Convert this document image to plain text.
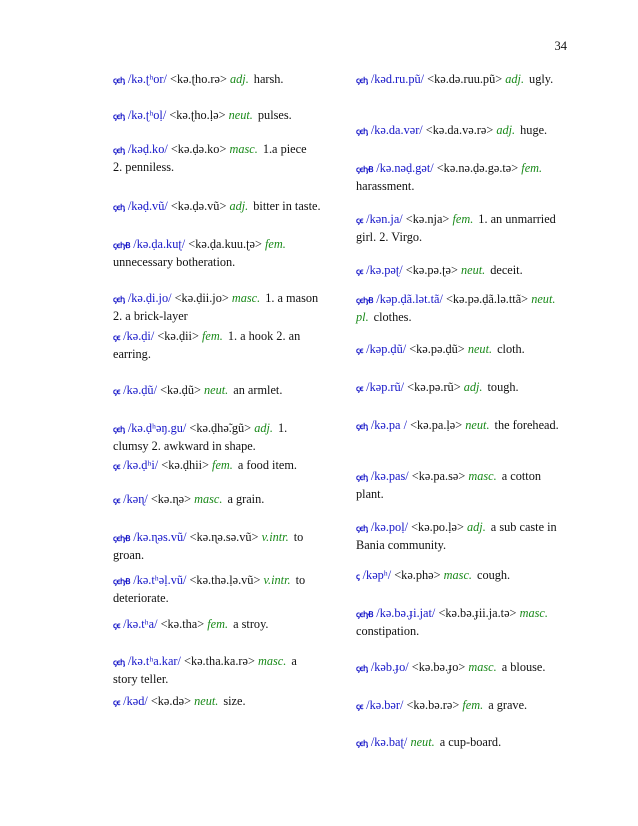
34
ꞔꞓꞕ /kə.ʈʰor/ <kə.ʈho.rə> adj. harsh.
ꞔꞓꞕ /kə.ʈʰoḷ/ <kə.ʈho.ḷə> neut. pulses.
ꞔꞓꞕ /kəḍ.ko/ <kə.ḍə.ko> masc. 1.a piece
2. penniless.
ꞔꞓꞕ /kəḍ.vũ/ <kə.ḍə.vũ> adj. bitter in taste.
ꞔꞓꞕꞖ /kə.ḍa.kuʈ/ <kə.ḍa.kuu.ʈə> fem.unnecessary botheration.
ꞔꞓꞕ /kə.ḍi.jo/ <kə.ḍii.jo> masc. 1. a mason 2. a brick-layer
ꞔꞓ /kə.ḍi/ <kə.ḍii> fem. 1. a hook 2. an earring.
ꞔꞓ /kə.ḍũ/ <kə.ḍũ> neut. an armlet.
ꞔꞓꞕ /kə.ḍʰəŋ.gu/ <kə.ḍhə̃.gũ> adj. 1. clumsy 2. awkward in shape.
ꞔꞓ /kə.ḍʰi/ <kə.ḍhii> fem. a food item.
ꞔꞓ /kəɳ/ <kə.ɳə> masc. a grain.
ꞔꞓꞕꞖ /kə.ɳəs.vũ/ <kə.ɳə.sə.vũ> v.intr. to groan.
ꞔꞓꞕꞖ /kə.tʰəḷ.vũ/ <kə.thə.ḷə.vũ> v.intr. to deteriorate.
ꞔꞓ /kə.tʰa/ <kə.tha> fem. a stroy.
ꞔꞓꞕ /kə.tʰa.kar/ <kə.tha.ka.rə> masc. a story teller.
ꞔꞓ /kəd/ <kə.də> neut. size.
ꞔꞓꞕ /kəd.ru.pũ/ <kə.də.ruu.pũ> adj. ugly.
ꞔꞓꞕ /kə.da.vər/ <kə.da.və.rə> adj. huge.
ꞔꞓꞕꞖ /kə.nəḍ.gət/ <kə.nə.ḍə.gə.tə> fem.harassment.
ꞔꞓ /kən.ja/ <kə.nja> fem. 1. an unmarried girl. 2. Virgo.
ꞔꞓ /kə.pəʈ/ <kə.pə.ʈə> neut. deceit.
ꞔꞓꞕꞖ /kəp.ḍã.lət.tã/ <kə.pə.ḍã.lə.ttã> neut. pl. clothes.
ꞔꞓ /kəp.ḍũ/ <kə.pə.ḍũ> neut. cloth.
ꞔꞓ /kəp.rũ/ <kə.pə.rũ> adj. tough.
ꞔꞓꞕ /kə.pa / <kə.pa.ḷə> neut. the forehead.
ꞔꞓꞕ /kə.pas/ <kə.pa.sə> masc. a cotton plant.
ꞔꞓꞕ /kə.poḷ/ <kə.po.ḷə> adj. a sub caste in Bania community.
ꞔ /kəpʰ/ <kə.phə> masc. cough.
ꞔꞓꞕꞖ /kə.bə.ɟi.jat/ <kə.bə.ɟii.ja.tə> masc.constipation.
ꞔꞓꞕ /kəb.ɟo/ <kə.bə.ɟo> masc. a blouse.
ꞔꞓ /kə.bər/ <kə.bə.rə> fem. a grave.
ꞔꞓꞕ /kə.baʈ/ neut. a cup-board.
